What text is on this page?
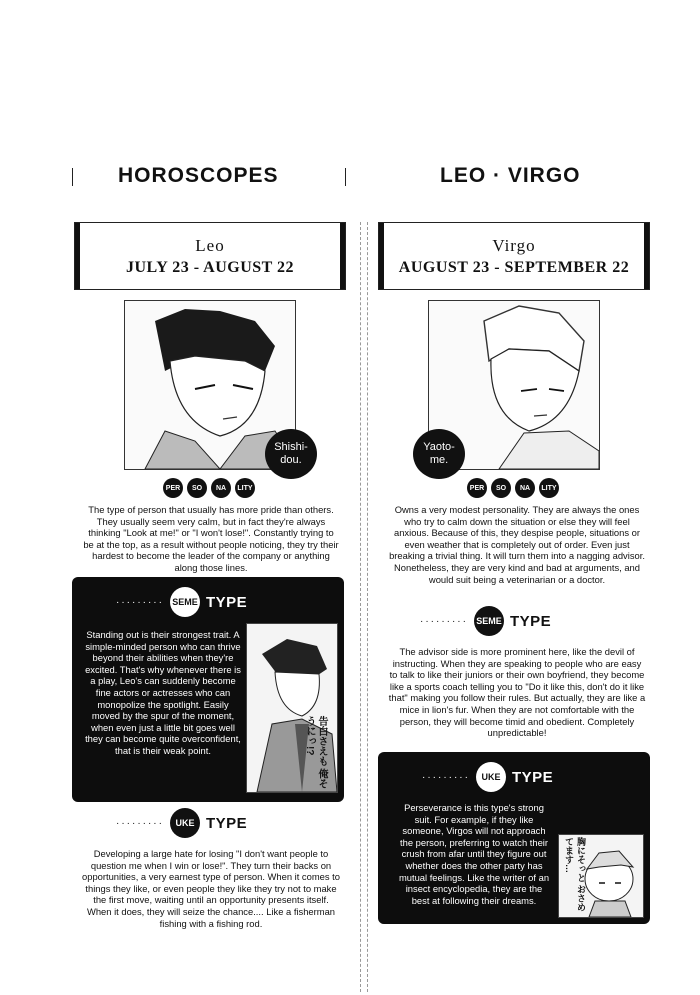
HOROSCOPES	LEO · VIRGO
Leo
JULY 23 - AUGUST 22
Shishi-
dou.
PER	SO	NA	LITY
The type of person that usually has more pride than others. They usually seem very calm, but in fact they're always thinking "Look at me!" or "I won't lose!". Constantly trying to be at the top, as a result without people noticing, they try their hardest to become the leader of the company or anything along those lines.
········· SEME TYPE
Standing out is their strongest trait. A simple-minded person who can thrive beyond their abilities when they're excited. That's why whenever there is a play, Leo's can suddenly become fine actors or actresses who can monopolize the spotlight. Easily moved by the spur of the moment, when even just a little bit goes well they can become quite overconfident, that is their weak point.	告白さえも 俺そうにっ!?
·········	UKE TYPE
Developing a large hate for losing "I don't want people to question me when I win or lose!". They turn their backs on opportunities, a very earnest type of person. When it comes to things they like, or even people they like they try not to make the first move, waiting until an opportunity presents itself. When it does, they will seize the chance.... Like a fisherman fishing with a fishing rod.
Virgo
AUGUST 23 - SEPTEMBER 22
Yaoto-
me.
PER	SO	NA	LITY
Owns a very modest personality. They are always the ones who try to calm down the situation or else they will feel anxious. Because of this, they despise people, situations or even weather that is completely out of order. Even just breaking a trivial thing. It will turn them into a nagging advisor. Nonetheless, they are very kind and bad at arguments, and would suit being a veterinarian or a doctor.
········· SEME TYPE
The advisor side is more prominent here, like the devil of instructing. When they are speaking to people who are easy to talk to like their juniors or their own boyfriend, they become like a sports coach telling you to "Do it like this, don't do it like that" making you follow their rules. But actually, they are like a mice in lion's fur. When they are not comfortable with the person, they will become timid and obedient. Completely unpredictable!
·········	UKE TYPE
Perseverance is this type's strong suit. For example, if they like someone, Virgos will not approach the person, preferring to watch their crush from afar until they figure out whether does the other party has mutual feelings. Like the writer of an insect encyclopedia, they are the best at following their dreams.	胸にそっと おさめてます…
